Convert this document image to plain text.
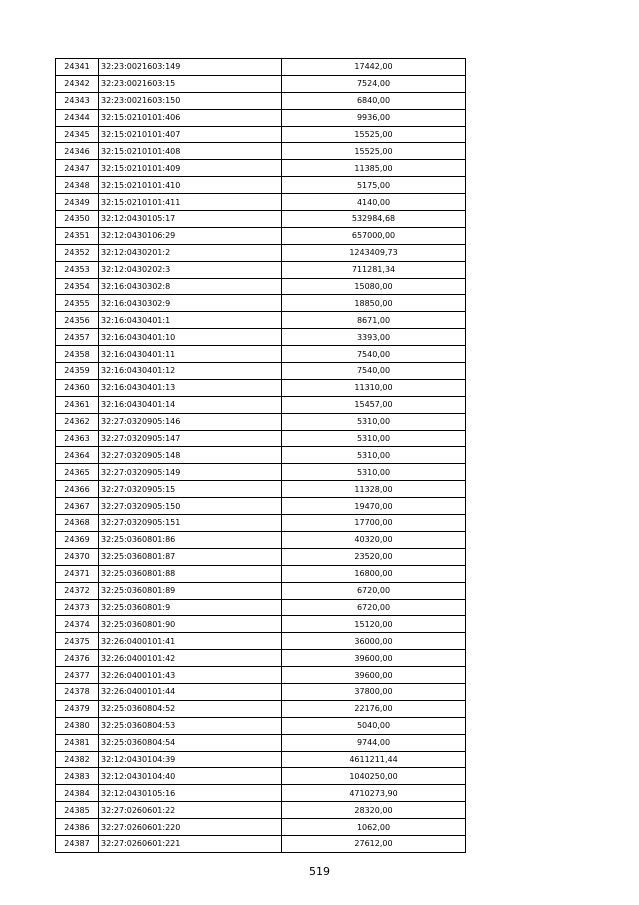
24341	32:23:0021603:149	17442,00
24342	32:23:0021603:15	7524,00
24343	32:23:0021603:150	6840,00
24344	32:15:0210101:406	9936,00
24345	32:15:0210101:407	15525,00
24346	32:15:0210101:408	15525,00
24347	32:15:0210101:409	11385,00
24348	32:15:0210101:410	5175,00
24349	32:15:0210101:411	4140,00
24350	32:12:0430105:17	532984,68
24351	32:12:0430106:29	657000,00
24352	32:12:0430201:2	1243409,73
24353	32:12:0430202:3	711281,34
24354	32:16:0430302:8	15080,00
24355	32:16:0430302:9	18850,00
24356	32:16:0430401:1	8671,00
24357	32:16:0430401:10	3393,00
24358	32:16:0430401:11	7540,00
24359	32:16:0430401:12	7540,00
24360	32:16:0430401:13	11310,00
24361	32:16:0430401:14	15457,00
24362	32:27:0320905:146	5310,00
24363	32:27:0320905:147	5310,00
24364	32:27:0320905:148	5310,00
24365	32:27:0320905:149	5310,00
24366	32:27:0320905:15	11328,00
24367	32:27:0320905:150	19470,00
24368	32:27:0320905:151	17700,00
24369	32:25:0360801:86	40320,00
24370	32:25:0360801:87	23520,00
24371	32:25:0360801:88	16800,00
24372	32:25:0360801:89	6720,00
24373	32:25:0360801:9	6720,00
24374	32:25:0360801:90	15120,00
24375	32:26:0400101:41	36000,00
24376	32:26:0400101:42	39600,00
24377	32:26:0400101:43	39600,00
24378	32:26:0400101:44	37800,00
24379	32:25:0360804:52	22176,00
24380	32:25:0360804:53	5040,00
24381	32:25:0360804:54	9744,00
24382	32:12:0430104:39	4611211,44
24383	32:12:0430104:40	1040250,00
24384	32:12:0430105:16	4710273,90
24385	32:27:0260601:22	28320,00
24386	32:27:0260601:220	1062,00
24387	32:27:0260601:221	27612,00
519
